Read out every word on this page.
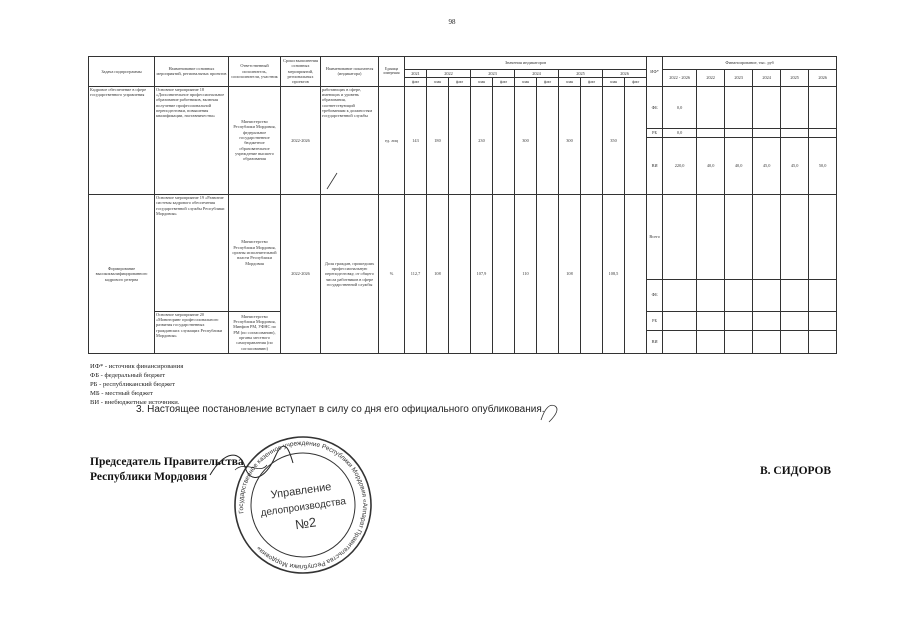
98
Задача подпрограммы	Наименование основных мероприятий, региональных проектов	Ответственный исполнитель, соисполнители, участник	Сроки выполнения основных мероприятий, региональных проектов	Наименование показателя (индикатора)	Единица измерения	Значения индикаторов											ИФ*	Финансирование, тыс. руб					
						2021	2022		2023		2024		2025		2026			2022 - 2026	2022	2023	2024	2025	2026
						факт	план	факт	план	факт	план	факт	план	факт	план	факт							
Кадровое обеспечение в сфере государственного управления	Основное мероприятие 18 «Дополнительное профессиональное образование работников, включая получение профессиональной переподготовки, повышения квалификации, наставничества»	Министерство Республики Мордовия, федеральное государственное бюджетное образовательное учреждение высшего образования	2022-2026	работающих в сфере, имеющих и уровень образования, соответствующий требованиям к должностям государственной службы	ед. лиц	143	180		230		300		300		350		ФБ	0,0					
																	РБ	0,0					
																	ВИ	220,0	40,0	40,0	45,0	45,0	50,0
Формирование высококвалифицированного кадрового резерва	Основное мероприятие 19 «Развитие системы кадрового обеспечения государственной службы Республики Мордовия»	Министерство Республики Мордовия, органы исполнительной власти Республики Мордовия	2022-2026	Доля граждан, прошедших профессиональную переподготовку, от общего числа работников в сфере государственной службы	%	112,7	108		107,9		110		108		108,5		Всего						
																	ФБ						
	Основное мероприятие 20 «Мониторинг профессионального развития государственных гражданских служащих Республики Мордовия»	Министерство Республики Мордовия, Минфин РМ, УФНС по РМ (по согласованию), органы местного самоуправления (по согласованию)															РБ						
																	ВИ						
ИФ* - источник финансирования
ФБ - федеральный бюджет
РБ - республиканский бюджет
МБ - местный бюджет
ВИ - внебюджетные источники.
3. Настоящее постановление вступает в силу со дня его официального опубликования.
Председатель Правительства
Республики Мордовия	В. СИДОРОВ
Государственное казенное учреждение Республики Мордовия «Аппарат Правительства Республики Мордовия»
Управление
делопроизводства
№2
